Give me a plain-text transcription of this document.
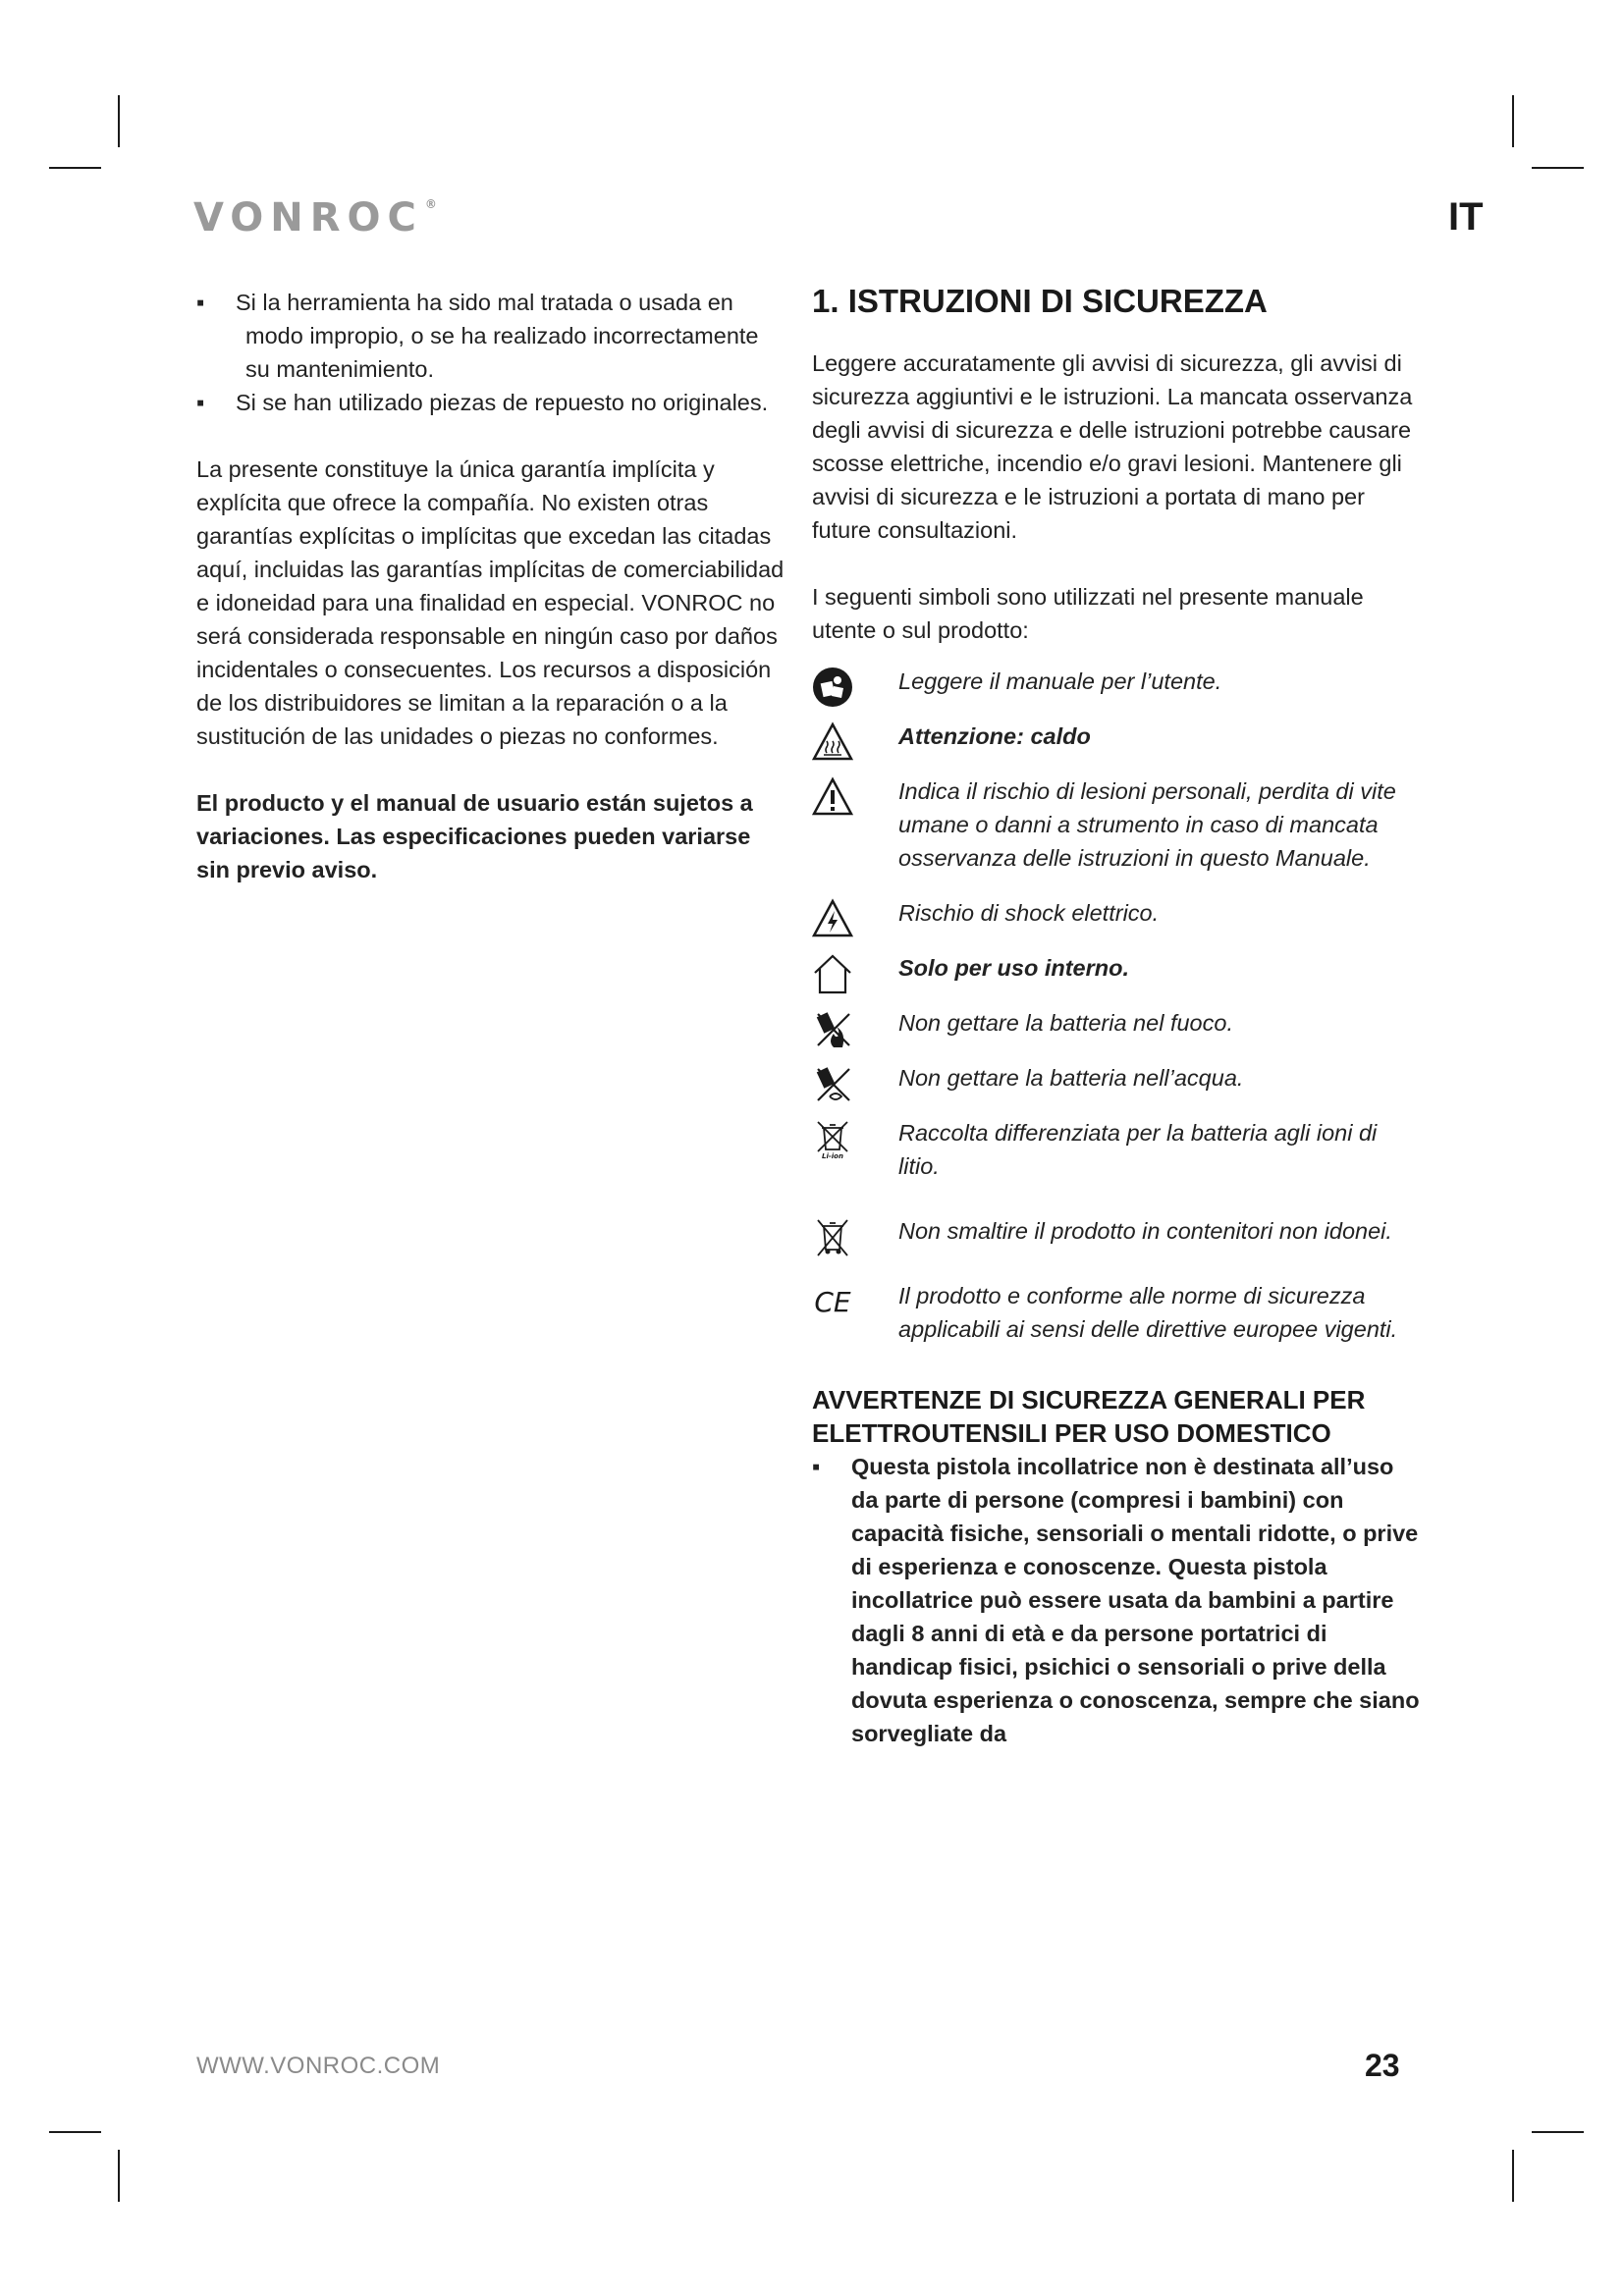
VONROC ®	IT
▪ Si la herramienta ha sido mal tratada o usada en modo impropio, o se ha realizado incorrectamente su mantenimiento.
▪ Si se han utilizado piezas de repuesto no originales.

La presente constituye la única garantía implícita y explícita que ofrece la compañía. No existen otras garantías explícitas o implícitas que excedan las citadas aquí, incluidas las garantías implícitas de comerciabilidad e idoneidad para una finalidad en especial. VONROC no será considerada responsable en ningún caso por daños incidentales o consecuentes. Los recursos a disposición de los distribuidores se limitan a la reparación o a la sustitución de las unidades o piezas no conformes.

El producto y el manual de usuario están sujetos a variaciones. Las especificaciones pueden variarse sin previo aviso.

1. ISTRUZIONI DI SICUREZZA

Leggere accuratamente gli avvisi di sicurezza, gli avvisi di sicurezza aggiuntivi e le istruzioni. La mancata osservanza degli avvisi di sicurezza e delle istruzioni potrebbe causare scosse elettriche, incendio e/o gravi lesioni. Mantenere gli avvisi di sicurezza e le istruzioni a portata di mano per future consultazioni.

I seguenti simboli sono utilizzati nel presente manuale utente o sul prodotto:

Leggere il manuale per l’utente.
Attenzione: caldo
Indica il rischio di lesioni personali, perdita di vite umane o danni a strumento in caso di mancata osservanza delle istruzioni in questo Manuale.
Rischio di shock elettrico.
Solo per uso interno.
Non gettare la batteria nel fuoco.
Non gettare la batteria nell’acqua.
Li-ion
Raccolta differenziata per la batteria agli ioni di litio.
Non smaltire il prodotto in contenitori non idonei.
CE Il prodotto e conforme alle norme di sicurezza applicabili ai sensi delle direttive europee vigenti.
AVVERTENZE DI SICUREZZA GENERALI PER ELETTROUTENSILI PER USO DOMESTICO
▪ Questa pistola incollatrice non è destinata all’uso da parte di persone (compresi i bambini) con capacità fisiche, sensoriali o mentali ridotte, o prive di esperienza e conoscenze. Questa pistola incollatrice può essere usata da bambini a partire dagli 8 anni di età e da persone portatrici di handicap fisici, psichici o sensoriali o prive della dovuta esperienza o conoscenza, sempre che siano sorvegliate da
WWW.VONROC.COM	23
